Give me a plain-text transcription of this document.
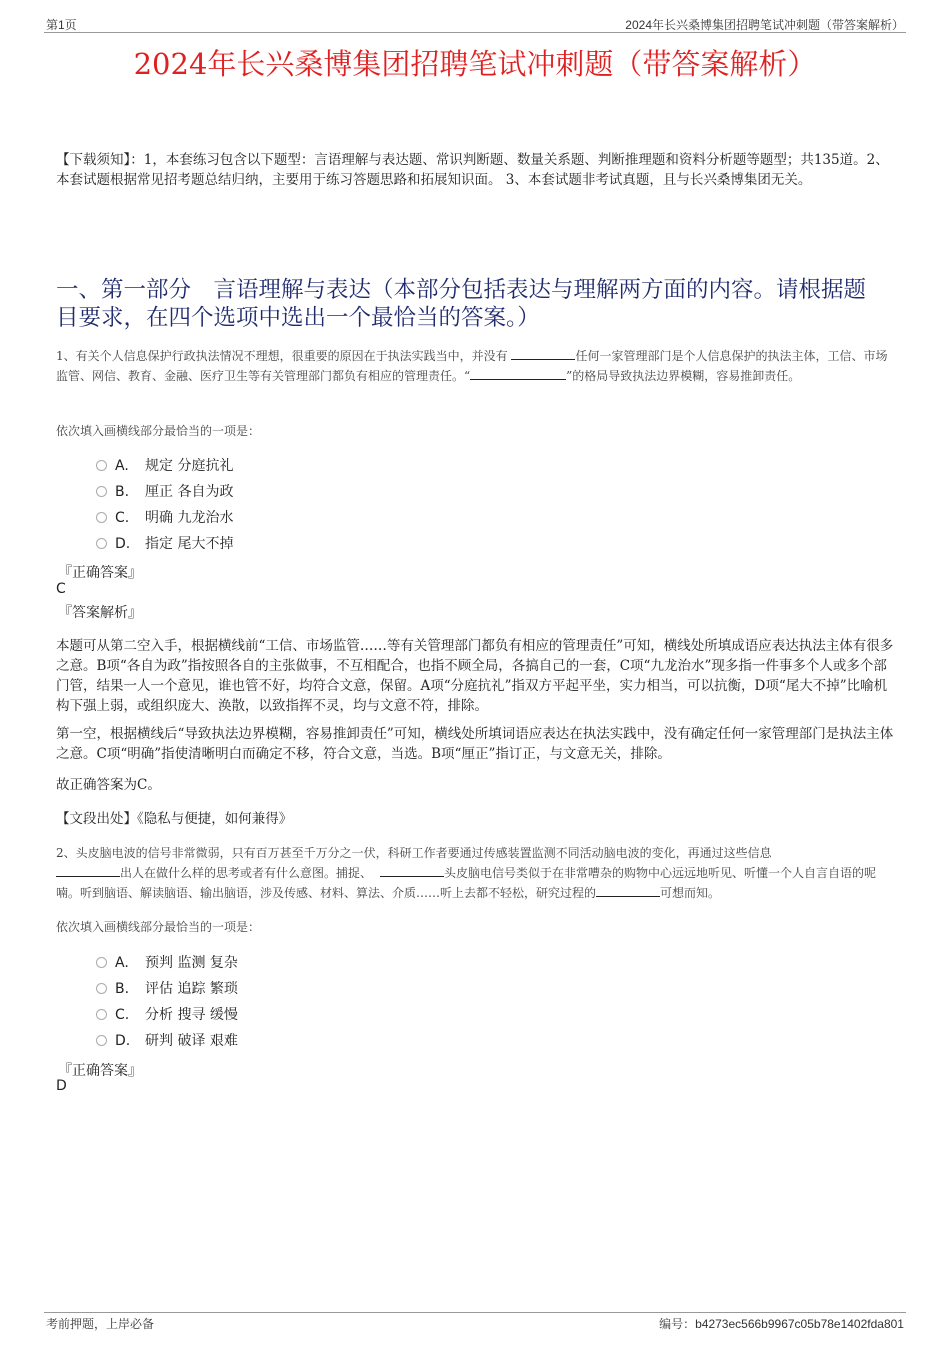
第1页	2024年长兴桑博集团招聘笔试冲刺题（带答案解析）
2024年长兴桑博集团招聘笔试冲刺题（带答案解析）
【下载须知】：1，本套练习包含以下题型：言语理解与表达题、常识判断题、数量关系题、判断推理题和资料分析题等题型；共135道。2、本套试题根据常见招考题总结归纳，主要用于练习答题思路和拓展知识面。 3、本套试题非考试真题，且与长兴桑博集团无关。
一、第一部分　言语理解与表达（本部分包括表达与理解两方面的内容。请根据题
目要求，在四个选项中选出一个最恰当的答案。）
1、有关个人信息保护行政执法情况不理想，很重要的原因在于执法实践当中，并没有	任何一家管理部门是个人信息保护的执法主体，工信、市场监管、网信、教育、金融、医疗卫生等有关管理部门都负有相应的管理责任。“	”的格局导致执法边界模糊，容易推卸责任。
依次填入画横线部分最恰当的一项是：
A. 规定 分庭抗礼
B. 厘正 各自为政
C. 明确 九龙治水
D. 指定 尾大不掉
『正确答案』
C
『答案解析』
本题可从第二空入手，根据横线前“工信、市场监管……等有关管理部门都负有相应的管理责任”可知，横线处所填成语应表达执法主体有很多之意。B项“各自为政”指按照各自的主张做事，不互相配合，也指不顾全局，各搞自己的一套，C项“九龙治水”现多指一件事多个人或多个部门管，结果一人一个意见，谁也管不好，均符合文意，保留。A项“分庭抗礼”指双方平起平坐，实力相当，可以抗衡，D项“尾大不掉”比喻机构下强上弱，或组织庞大、涣散，以致指挥不灵，均与文意不符，排除。
第一空，根据横线后“导致执法边界模糊，容易推卸责任”可知，横线处所填词语应表达在执法实践中，没有确定任何一家管理部门是执法主体之意。C项“明确”指使清晰明白而确定不移，符合文意，当选。B项“厘正”指订正，与文意无关，排除。
故正确答案为C。
【文段出处】《隐私与便捷，如何兼得》
2、头皮脑电波的信号非常微弱，只有百万甚至千万分之一伏，科研工作者要通过传感装置监测不同活动脑电波的变化，再通过这些信息
出人在做什么样的思考或者有什么意图。捕捉、	头皮脑电信号类似于在非常嘈杂的购物中心远远地听见、听懂一个人自言自语的呢喃。听到脑语、解读脑语、输出脑语，涉及传感、材料、算法、介质……听上去都不轻松，研究过程的	可想而知。
依次填入画横线部分最恰当的一项是：
A. 预判 监测 复杂
B. 评估 追踪 繁琐
C. 分析 搜寻 缓慢
D. 研判 破译 艰难
『正确答案』
D
考前押题，上岸必备	编号：b4273ec566b9967c05b78e1402fda801
